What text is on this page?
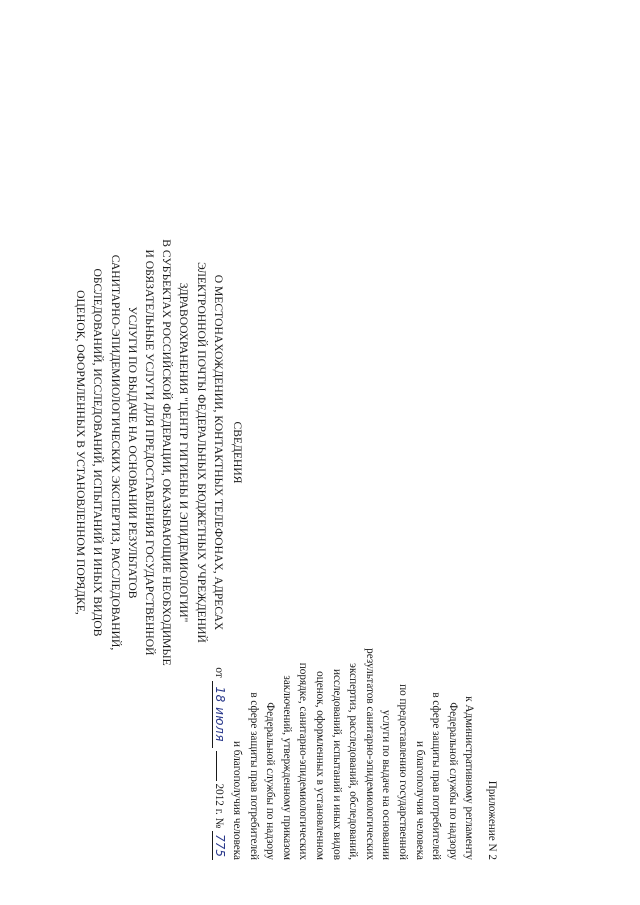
Приложение N 2
к Административному регламенту
Федеральной службы по надзору
в сфере защиты прав потребителей
и благополучия человека
по предоставлению государственной
услуги по выдаче на основании
результатов санитарно-эпидемиологических
экспертиз, расследований, обследований,
исследований, испытаний и иных видов
оценок, оформленных в установленном
порядке, санитарно-эпидемиологических
заключений, утвержденному приказом
Федеральной службы по надзору
в сфере защиты прав потребителей
и благополучия человека
от 18 июля  2012 г. № 775
СВЕДЕНИЯ
О МЕСТОНАХОЖДЕНИИ, КОНТАКТНЫХ ТЕЛЕФОНАХ, АДРЕСАХ
ЭЛЕКТРОННОЙ ПОЧТЫ ФЕДЕРАЛЬНЫХ БЮДЖЕТНЫХ УЧРЕЖДЕНИЙ
ЗДРАВООХРАНЕНИЯ "ЦЕНТР ГИГИЕНЫ И ЭПИДЕМИОЛОГИИ"
В СУБЪЕКТАХ РОССИЙСКОЙ ФЕДЕРАЦИИ, ОКАЗЫВАЮЩИЕ НЕОБХОДИМЫЕ
И ОБЯЗАТЕЛЬНЫЕ УСЛУГИ ДЛЯ ПРЕДОСТАВЛЕНИЯ ГОСУДАРСТВЕННОЙ
УСЛУГИ ПО ВЫДАЧЕ НА ОСНОВАНИИ РЕЗУЛЬТАТОВ
САНИТАРНО-ЭПИДЕМИОЛОГИЧЕСКИХ ЭКСПЕРТИЗ, РАССЛЕДОВАНИЙ,
ОБСЛЕДОВАНИЙ, ИССЛЕДОВАНИЙ, ИСПЫТАНИЙ И ИНЫХ ВИДОВ
ОЦЕНОК, ОФОРМЛЕННЫХ В УСТАНОВЛЕННОМ ПОРЯДКЕ,
